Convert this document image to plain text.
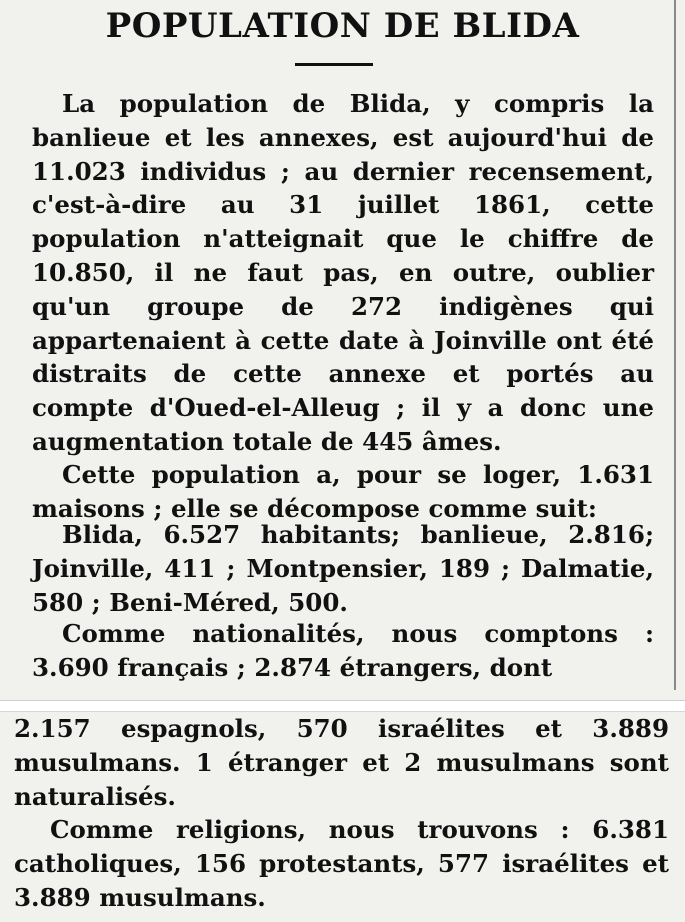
POPULATION DE BLIDA

La population de Blida, y compris la banlieue et les annexes, est aujourd'hui de 11.023 individus ; au dernier recensement, c'est-à-dire au 31 juillet 1861, cette population n'atteignait que le chiffre de 10.850, il ne faut pas, en outre, oublier qu'un groupe de 272 indigènes qui appartenaient à cette date à Joinville ont été distraits de cette annexe et portés au compte d'Oued-el-Alleug ; il y a donc une augmentation totale de 445 âmes.

Cette population a, pour se loger, 1.631 maisons ; elle se décompose comme suit:

Blida, 6.527 habitants; banlieue, 2.816; Joinville, 411 ; Montpensier, 189 ; Dalmatie, 580 ; Beni-Méred, 500.

Comme nationalités, nous comptons : 3.690 français ; 2.874 étrangers, dont

2.157 espagnols, 570 israélites et 3.889 musulmans. 1 étranger et 2 musulmans sont naturalisés.

Comme religions, nous trouvons : 6.381 catholiques, 156 protestants, 577 israélites et 3.889 musulmans.
